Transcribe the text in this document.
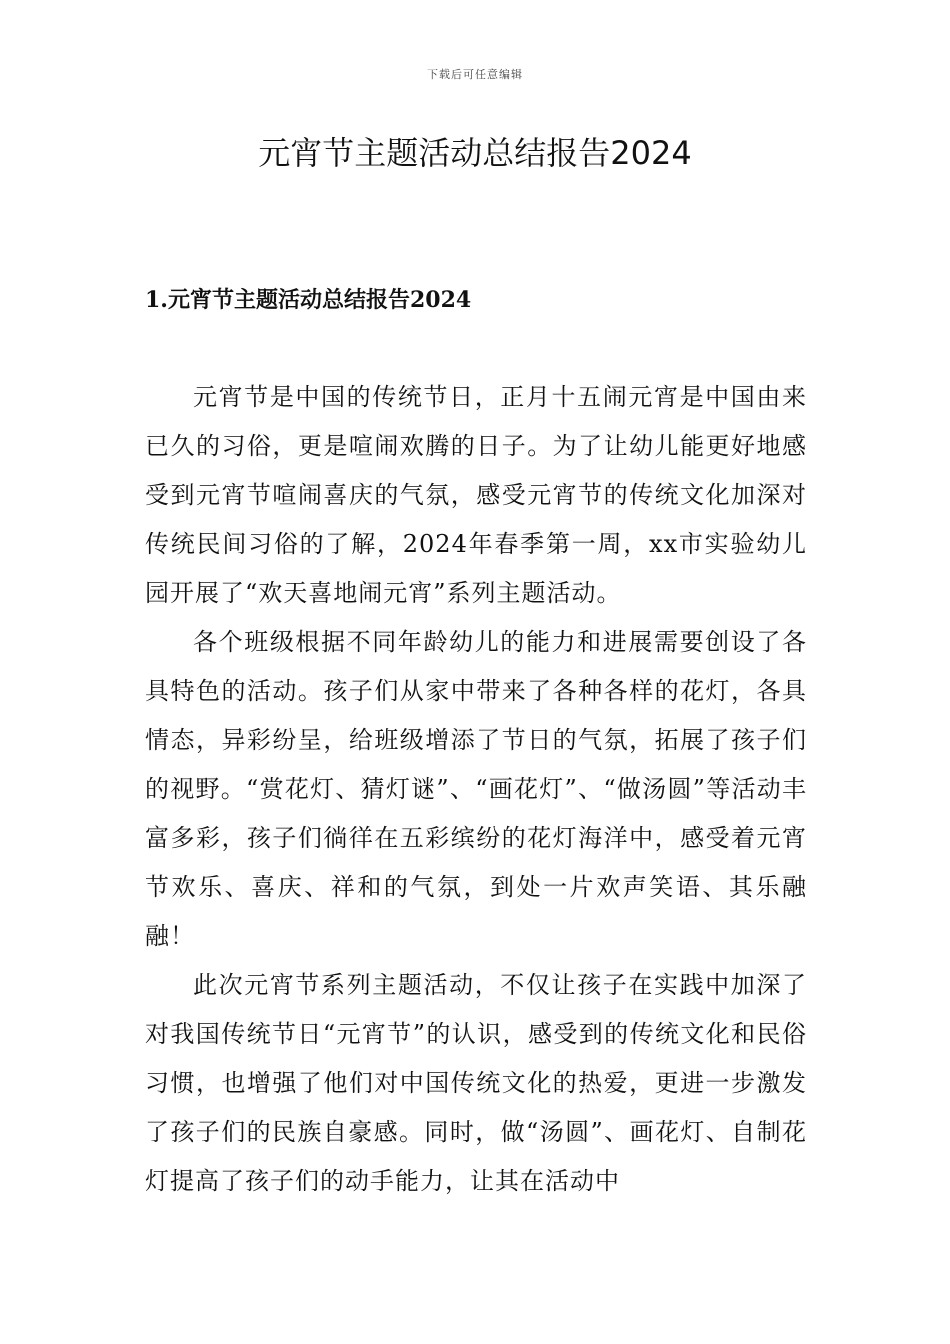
下载后可任意编辑
元宵节主题活动总结报告2024
1.元宵节主题活动总结报告2024

元宵节是中国的传统节日，正月十五闹元宵是中国由来已久的习俗，更是喧闹欢腾的日子。为了让幼儿能更好地感受到元宵节喧闹喜庆的气氛，感受元宵节的传统文化加深对传统民间习俗的了解，2024年春季第一周，xx市实验幼儿园开展了“欢天喜地闹元宵”系列主题活动。

各个班级根据不同年龄幼儿的能力和进展需要创设了各具特色的活动。孩子们从家中带来了各种各样的花灯，各具情态，异彩纷呈，给班级增添了节日的气氛，拓展了孩子们的视野。“赏花灯、猜灯谜”、“画花灯”、“做汤圆”等活动丰富多彩，孩子们徜徉在五彩缤纷的花灯海洋中，感受着元宵节欢乐、喜庆、祥和的气氛，到处一片欢声笑语、其乐融融！

此次元宵节系列主题活动，不仅让孩子在实践中加深了对我国传统节日“元宵节”的认识，感受到的传统文化和民俗习惯，也增强了他们对中国传统文化的热爱，更进一步激发了孩子们的民族自豪感。同时，做“汤圆”、画花灯、自制花灯提高了孩子们的动手能力，让其在活动中
